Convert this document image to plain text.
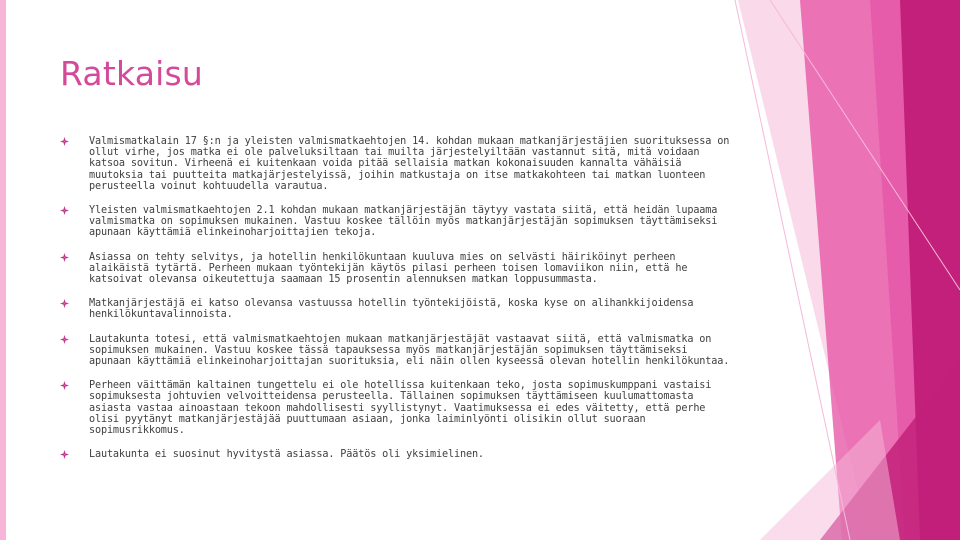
Ratkaisu
Valmismatkalain 17 §:n ja yleisten valmismatkaehtojen 14. kohdan mukaan matkanjärjestäjien suorituksessa on ollut virhe, jos matka ei ole palveluksiltaan tai muilta järjestelyiltään vastannut sitä, mitä voidaan katsoa sovitun. Virheenä ei kuitenkaan voida pitää sellaisia matkan kokonaisuuden kannalta vähäisiä muutoksia tai puutteita matkajärjestelyissä, joihin matkustaja on itse matkakohteen tai matkan luonteen perusteella voinut kohtuudella varautua.
Yleisten valmismatkaehtojen 2.1 kohdan mukaan matkanjärjestäjän täytyy vastata siitä, että heidän lupaama valmismatka on sopimuksen mukainen. Vastuu koskee tällöin myös matkanjärjestäjän sopimuksen täyttämiseksi apunaan käyttämiä elinkeinoharjoittajien tekoja.
Asiassa on tehty selvitys, ja hotellin henkilökuntaan kuuluva mies on selvästi häiriköinyt perheen alaikäistä tytärtä. Perheen mukaan työntekijän käytös pilasi perheen toisen lomaviikon niin, että he katsoivat olevansa oikeutettuja saamaan 15 prosentin alennuksen matkan loppusummasta.
Matkanjärjestäjä ei katso olevansa vastuussa hotellin työntekijöistä, koska kyse on alihankkijoidensa henkilökuntavalinnoista.
Lautakunta totesi, että valmismatkaehtojen mukaan matkanjärjestäjät vastaavat siitä, että valmismatka on sopimuksen mukainen. Vastuu koskee tässä tapauksessa myös matkanjärjestäjän sopimuksen täyttämiseksi apunaan käyttämiä elinkeinoharjoittajan suorituksia, eli näin ollen kyseessä olevan hotellin henkilökuntaa.
Perheen väittämän kaltainen tungettelu ei ole hotellissa kuitenkaan teko, josta sopimuskumppani vastaisi sopimuksesta johtuvien velvoitteidensa perusteella. Tällainen sopimuksen täyttämiseen kuulumattomasta asiasta vastaa ainoastaan tekoon mahdollisesti syyllistynyt. Vaatimuksessa ei edes väitetty, että perhe olisi pyytänyt matkanjärjestäjää puuttumaan asiaan, jonka laiminlyönti olisikin ollut suoraan sopimusrikkomus.
Lautakunta ei suosinut hyvitystä asiassa. Päätös oli yksimielinen.
